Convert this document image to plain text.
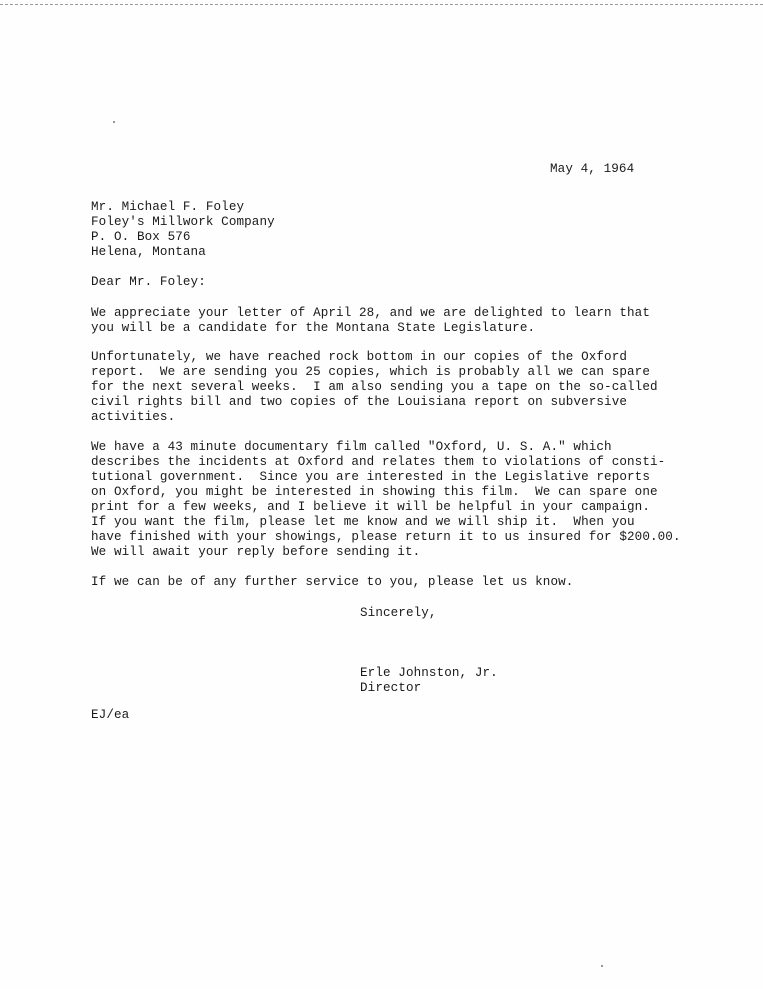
May 4, 1964
Mr. Michael F. Foley
Foley's Millwork Company
P. O. Box 576
Helena, Montana
Dear Mr. Foley:
We appreciate your letter of April 28, and we are delighted to learn that
you will be a candidate for the Montana State Legislature.
Unfortunately, we have reached rock bottom in our copies of the Oxford
report.  We are sending you 25 copies, which is probably all we can spare
for the next several weeks.  I am also sending you a tape on the so-called
civil rights bill and two copies of the Louisiana report on subversive
activities.
We have a 43 minute documentary film called "Oxford, U. S. A." which
describes the incidents at Oxford and relates them to violations of consti-
tutional government.  Since you are interested in the Legislative reports
on Oxford, you might be interested in showing this film.  We can spare one
print for a few weeks, and I believe it will be helpful in your campaign.
If you want the film, please let me know and we will ship it.  When you
have finished with your showings, please return it to us insured for $200.00.
We will await your reply before sending it.
If we can be of any further service to you, please let us know.
Sincerely,
Erle Johnston, Jr.
Director
EJ/ea
